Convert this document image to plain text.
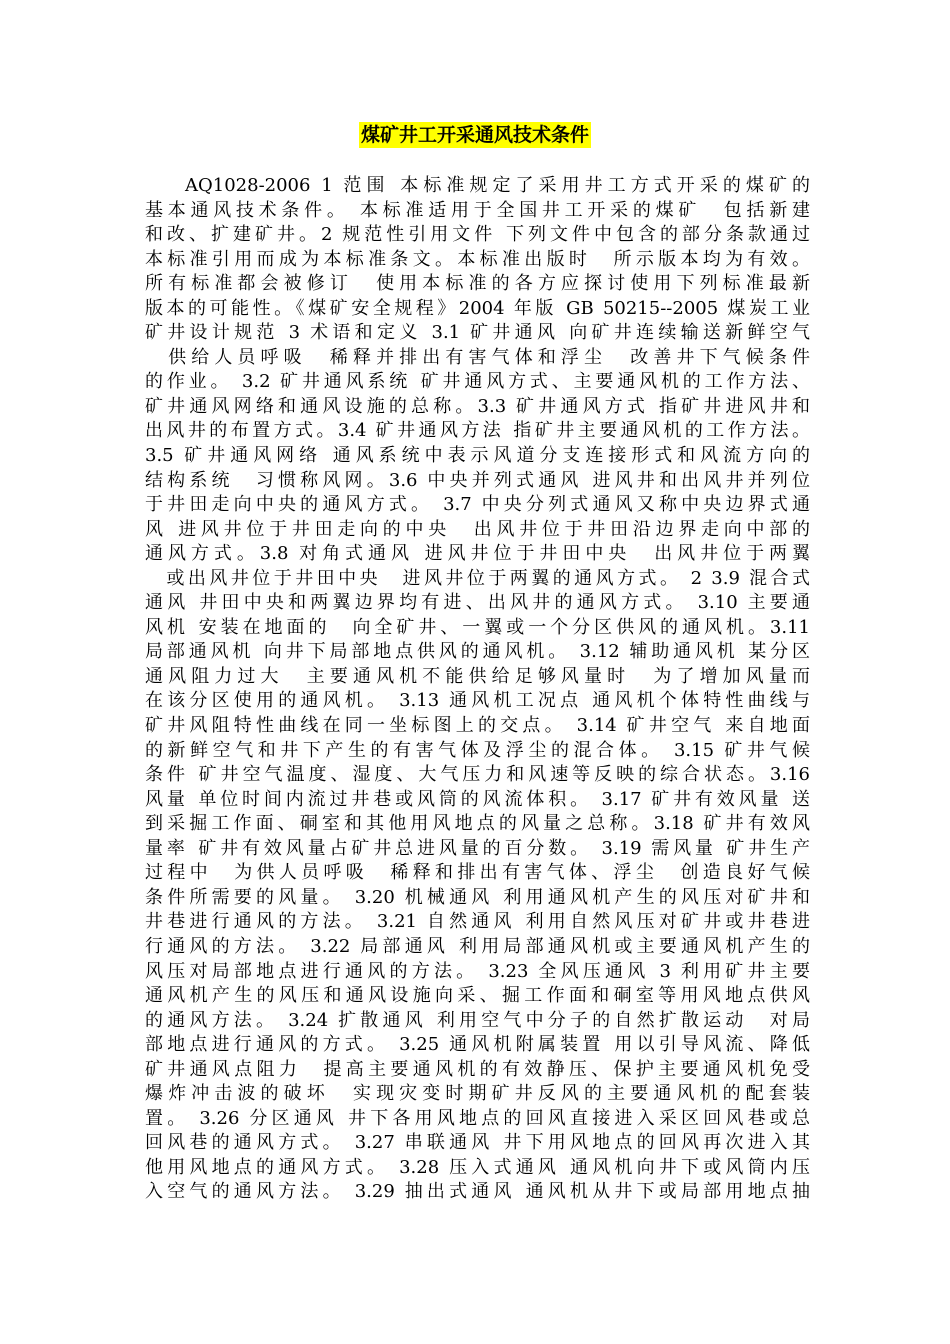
煤矿井工开采通风技术条件
AQ1028-2006 1 范围 本标准规定了采用井工方式开采的煤矿的
基本通风技术条件。 本标准适用于全国井工开采的煤矿　包括新建
和改、扩建矿井。2 规范性引用文件 下列文件中包含的部分条款通过
本标准引用而成为本标准条文。本标准出版时　所示版本均为有效。
所有标准都会被修订　使用本标准的各方应探讨使用下列标准最新
版本的可能性。《煤矿安全规程》2004 年版 GB 50215--2005 煤炭工业
矿井设计规范 3 术语和定义 3.1 矿井通风 向矿井连续输送新鲜空气
　供给人员呼吸　稀释并排出有害气体和浮尘　改善井下气候条件
的作业。 3.2 矿井通风系统 矿井通风方式、主要通风机的工作方法、
矿井通风网络和通风设施的总称。3.3 矿井通风方式 指矿井进风井和
出风井的布置方式。3.4 矿井通风方法 指矿井主要通风机的工作方法。
3.5 矿井通风网络 通风系统中表示风道分支连接形式和风流方向的
结构系统　习惯称风网。3.6 中央并列式通风 进风井和出风井并列位
于井田走向中央的通风方式。 3.7 中央分列式通风又称中央边界式通
风 进风井位于井田走向的中央　出风井位于井田沿边界走向中部的
通风方式。3.8 对角式通风 进风井位于井田中央　出风井位于两翼
　或出风井位于井田中央　进风井位于两翼的通风方式。 2 3.9 混合式
通风 井田中央和两翼边界均有进、出风井的通风方式。 3.10 主要通
风机 安装在地面的　向全矿井、一翼或一个分区供风的通风机。3.11
局部通风机 向井下局部地点供风的通风机。 3.12 辅助通风机 某分区
通风阻力过大　主要通风机不能供给足够风量时　为了增加风量而
在该分区使用的通风机。 3.13 通风机工况点 通风机个体特性曲线与
矿井风阻特性曲线在同一坐标图上的交点。 3.14 矿井空气 来自地面
的新鲜空气和井下产生的有害气体及浮尘的混合体。 3.15 矿井气候
条件 矿井空气温度、湿度、大气压力和风速等反映的综合状态。3.16
风量 单位时间内流过井巷或风筒的风流体积。 3.17 矿井有效风量 送
到采掘工作面、硐室和其他用风地点的风量之总称。3.18 矿井有效风
量率 矿井有效风量占矿井总进风量的百分数。 3.19 需风量 矿井生产
过程中　为供人员呼吸　稀释和排出有害气体、浮尘　创造良好气候
条件所需要的风量。 3.20 机械通风 利用通风机产生的风压对矿井和
井巷进行通风的方法。 3.21 自然通风 利用自然风压对矿井或井巷进
行通风的方法。 3.22 局部通风 利用局部通风机或主要通风机产生的
风压对局部地点进行通风的方法。 3.23 全风压通风 3 利用矿井主要
通风机产生的风压和通风设施向采、掘工作面和硐室等用风地点供风
的通风方法。 3.24 扩散通风 利用空气中分子的自然扩散运动　对局
部地点进行通风的方式。 3.25 通风机附属装置 用以引导风流、降低
矿井通风点阻力　提高主要通风机的有效静压、保护主要通风机免受
爆炸冲击波的破坏　实现灾变时期矿井反风的主要通风机的配套装
置。 3.26 分区通风 井下各用风地点的回风直接进入采区回风巷或总
回风巷的通风方式。 3.27 串联通风 井下用风地点的回风再次进入其
他用风地点的通风方式。 3.28 压入式通风 通风机向井下或风筒内压
入空气的通风方法。 3.29 抽出式通风 通风机从井下或局部用地点抽
